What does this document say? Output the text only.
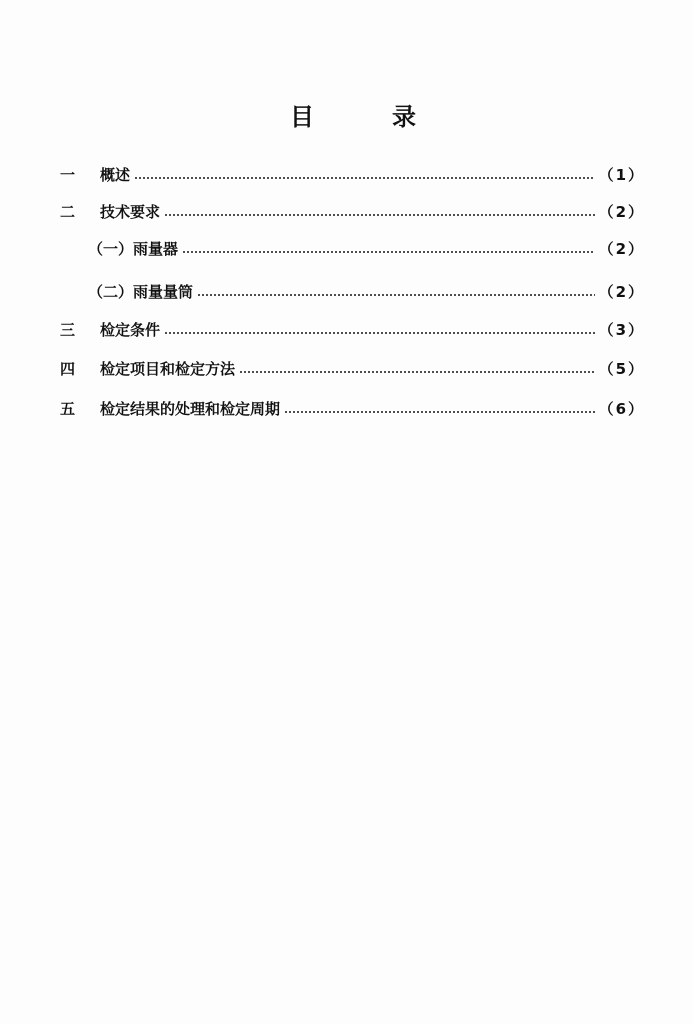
目	录
一	概述	（1）
二	技术要求	（2）
（一）雨量器	（2）
（二）雨量量筒	（2）
三	检定条件	（3）
四	检定项目和检定方法	（5）
五	检定结果的处理和检定周期	（6）
